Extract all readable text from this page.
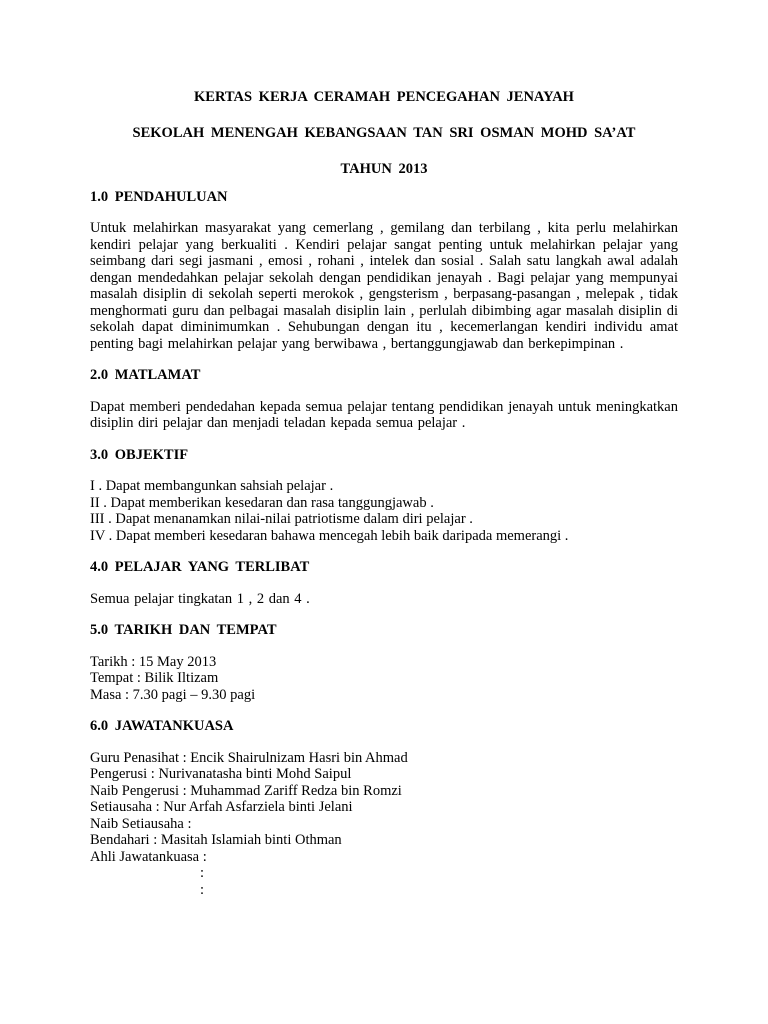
KERTAS KERJA CERAMAH PENCEGAHAN JENAYAH

SEKOLAH MENENGAH KEBANGSAAN TAN SRI OSMAN MOHD SA’AT

TAHUN 2013

1.0 PENDAHULUAN

Untuk melahirkan masyarakat yang cemerlang , gemilang dan terbilang , kita perlu melahirkan kendiri pelajar yang berkualiti . Kendiri pelajar sangat penting untuk melahirkan pelajar yang seimbang dari segi jasmani , emosi , rohani , intelek dan sosial . Salah satu langkah awal adalah dengan mendedahkan pelajar sekolah dengan pendidikan jenayah . Bagi pelajar yang mempunyai masalah disiplin di sekolah seperti merokok , gengsterism , berpasang-pasangan , melepak , tidak menghormati guru dan pelbagai masalah disiplin lain , perlulah dibimbing agar masalah disiplin di sekolah dapat diminimumkan . Sehubungan dengan itu , kecemerlangan kendiri individu amat penting bagi melahirkan pelajar yang berwibawa , bertanggungjawab dan berkepimpinan .

2.0 MATLAMAT

Dapat memberi pendedahan kepada semua pelajar tentang pendidikan jenayah untuk meningkatkan disiplin diri pelajar dan menjadi teladan kepada semua pelajar .

3.0 OBJEKTIF

I . Dapat membangunkan sahsiah pelajar .
II . Dapat memberikan kesedaran dan rasa tanggungjawab .
III . Dapat menanamkan nilai-nilai patriotisme dalam diri pelajar .
IV . Dapat memberi kesedaran bahawa mencegah lebih baik daripada memerangi .

4.0 PELAJAR YANG TERLIBAT

Semua pelajar tingkatan 1 , 2 dan 4 .

5.0 TARIKH DAN TEMPAT

Tarikh : 15 May 2013
Tempat : Bilik Iltizam
Masa : 7.30 pagi – 9.30 pagi

6.0 JAWATANKUASA

Guru Penasihat : Encik Shairulnizam Hasri bin Ahmad
Pengerusi : Nurivanatasha binti Mohd Saipul
Naib Pengerusi : Muhammad Zariff Redza bin Romzi
Setiausaha : Nur Arfah Asfarziela binti Jelani
Naib Setiausaha :
Bendahari : Masitah Islamiah binti Othman
Ahli Jawatankuasa :
:
:
